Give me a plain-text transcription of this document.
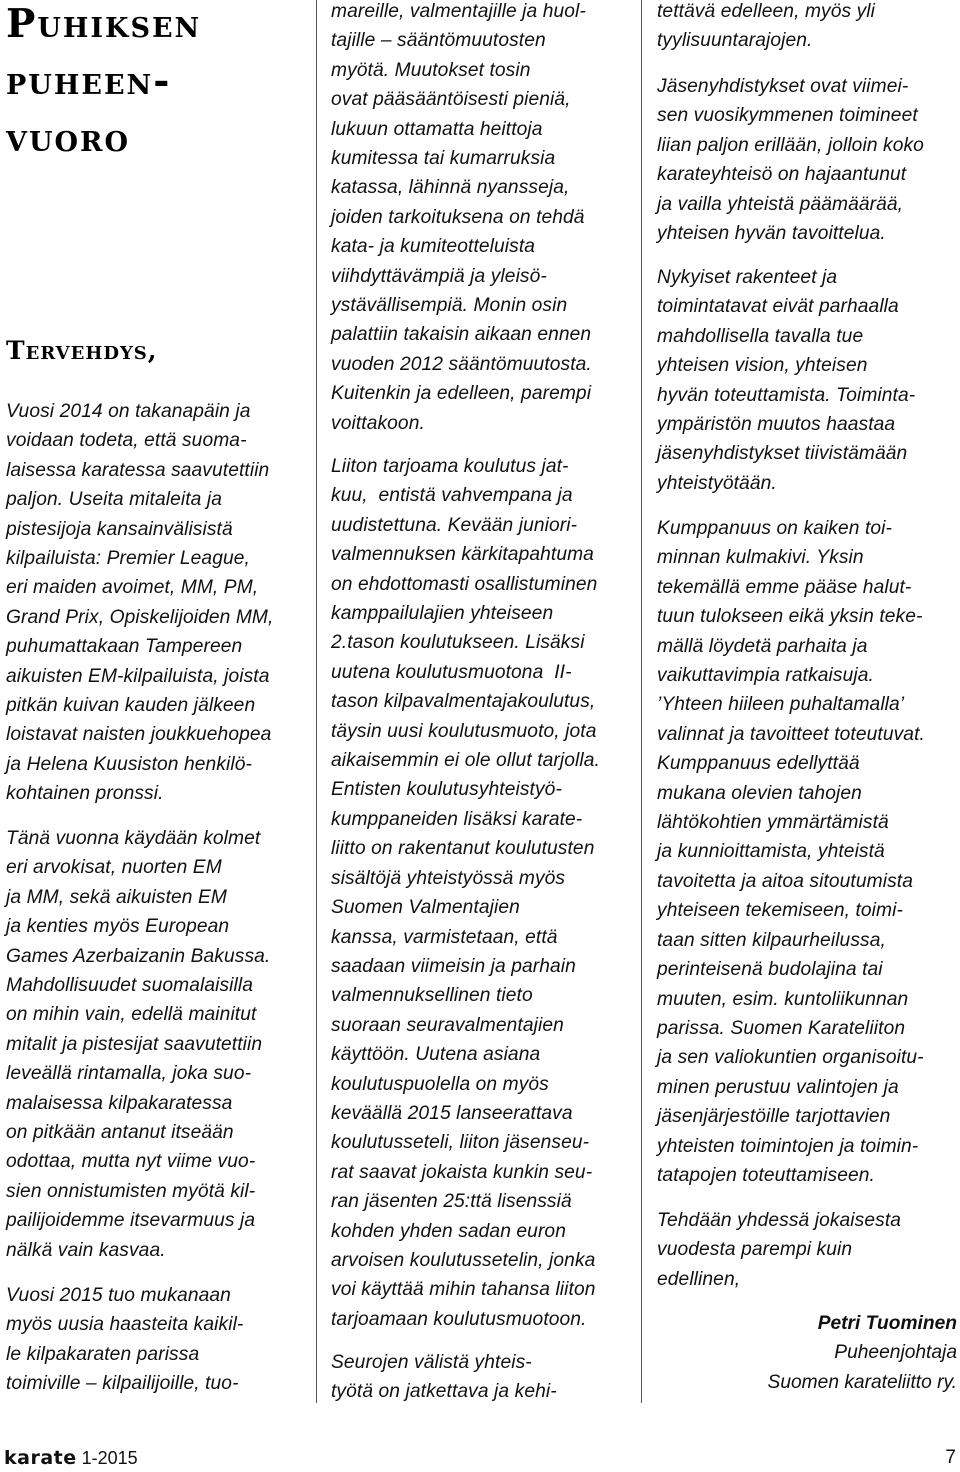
Puhiksen
puheen-
vuoro
Tervehdys,

Vuosi 2014 on takanapäin ja
voidaan todeta, että suoma-
laisessa karatessa saavutettiin
paljon. Useita mitaleita ja
pistesijoja kansainvälisistä
kilpailuista: Premier League,
eri maiden avoimet, MM, PM,
Grand Prix, Opiskelijoiden MM,
puhumattakaan Tampereen
aikuisten EM-kilpailuista, joista
pitkän kuivan kauden jälkeen
loistavat naisten joukkuehopea
ja Helena Kuusiston henkilö-
kohtainen pronssi.

Tänä vuonna käydään kolmet
eri arvokisat, nuorten EM
ja MM, sekä aikuisten EM
ja kenties myös European
Games Azerbaizanin Bakussa.
Mahdollisuudet suomalaisilla
on mihin vain, edellä mainitut
mitalit ja pistesijat saavutettiin
leveällä rintamalla, joka suo-
malaisessa kilpakaratessa
on pitkään antanut itseään
odottaa, mutta nyt viime vuo-
sien onnistumisten myötä kil-
pailijoidemme itsevarmuus ja
nälkä vain kasvaa.

Vuosi 2015 tuo mukanaan
myös uusia haasteita kaikil-
le kilpakaraten parissa
toimiville – kilpailijoille, tuo-

mareille, valmentajille ja huol-
tajille – sääntömuutosten
myötä. Muutokset tosin
ovat pääsääntöisesti pieniä,
lukuun ottamatta heittoja
kumitessa tai kumarruksia
katassa, lähinnä nyansseja,
joiden tarkoituksena on tehdä
kata- ja kumiteotteluista
viihdyttävämpiä ja yleisö-
ystävällisempiä. Monin osin
palattiin takaisin aikaan ennen
vuoden 2012 sääntömuutosta.
Kuitenkin ja edelleen, parempi
voittakoon.

Liiton tarjoama koulutus jat-
kuu,  entistä vahvempana ja
uudistettuna. Kevään juniori-
valmennuksen kärkitapahtuma
on ehdottomasti osallistuminen
kamppailulajien yhteiseen
2.tason koulutukseen. Lisäksi
uutena koulutusmuotona  II-
tason kilpavalmentajakoulutus,
täysin uusi koulutusmuoto, jota
aikaisemmin ei ole ollut tarjolla.
Entisten koulutusyhteistyö-
kumppaneiden lisäksi karate-
liitto on rakentanut koulutusten
sisältöjä yhteistyössä myös
Suomen Valmentajien
kanssa, varmistetaan, että
saadaan viimeisin ja parhain
valmennuksellinen tieto
suoraan seuravalmentajien
käyttöön. Uutena asiana
koulutuspuolella on myös
keväällä 2015 lanseerattava
koulutusseteli, liiton jäsenseu-
rat saavat jokaista kunkin seu-
ran jäsenten 25:ttä lisenssiä
kohden yhden sadan euron
arvoisen koulutussetelin, jonka
voi käyttää mihin tahansa liiton
tarjoamaan koulutusmuotoon.

Seurojen välistä yhteis-
työtä on jatkettava ja kehi-

tettävä edelleen, myös yli
tyylisuuntarajojen.

Jäsenyhdistykset ovat viimei-
sen vuosikymmenen toimineet
liian paljon erillään, jolloin koko
karateyhteisö on hajaantunut
ja vailla yhteistä päämäärää,
yhteisen hyvän tavoittelua.

Nykyiset rakenteet ja
toimintatavat eivät parhaalla
mahdollisella tavalla tue
yhteisen vision, yhteisen
hyvän toteuttamista. Toiminta-
ympäristön muutos haastaa
jäsenyhdistykset tiivistämään
yhteistyötään.

Kumppanuus on kaiken toi-
minnan kulmakivi. Yksin
tekemällä emme pääse halut-
tuun tulokseen eikä yksin teke-
mällä löydetä parhaita ja
vaikuttavimpia ratkaisuja.
’Yhteen hiileen puhaltamalla’
valinnat ja tavoitteet toteutuvat.
Kumppanuus edellyttää
mukana olevien tahojen
lähtökohtien ymmärtämistä
ja kunnioittamista, yhteistä
tavoitetta ja aitoa sitoutumista
yhteiseen tekemiseen, toimi-
taan sitten kilpaurheilussa,
perinteisenä budolajina tai
muuten, esim. kuntoliikunnan
parissa. Suomen Karateliiton
ja sen valiokuntien organisoitu-
minen perustuu valintojen ja
jäsenjärjestöille tarjottavien
yhteisten toimintojen ja toimin-
tatapojen toteuttamiseen.

Tehdään yhdessä jokaisesta
vuodesta parempi kuin
edellinen,

Petri Tuominen
Puheenjohtaja
Suomen karateliitto ry.
karate 1-2015	7
